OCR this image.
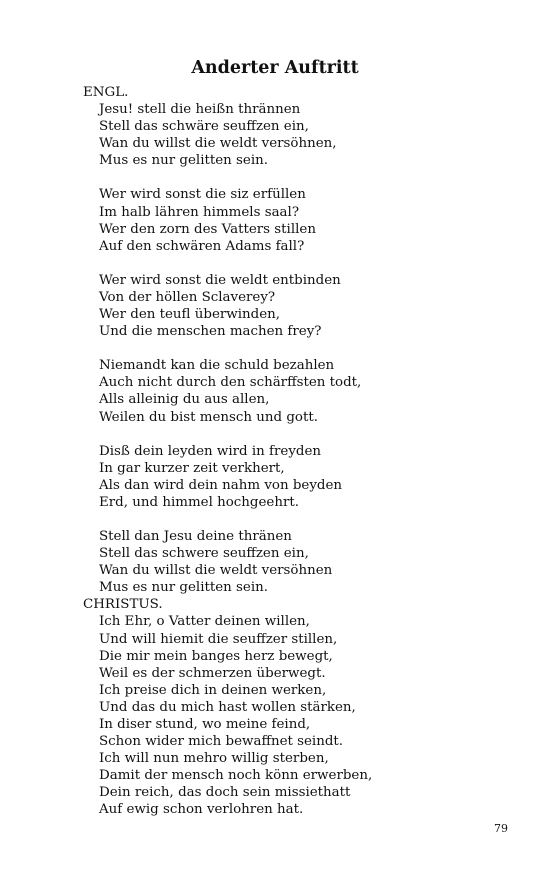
Anderter Auftritt
ENGL.
Jesu! stell die heißn thrännen
Stell das schwäre seuffzen ein,
Wan du willst die weldt versöhnen,
Mus es nur gelitten sein.
Wer wird sonst die siz erfüllen
Im halb lähren himmels saal?
Wer den zorn des Vatters stillen
Auf den schwären Adams fall?
Wer wird sonst die weldt entbinden
Von der höllen Sclaverey?
Wer den teufl überwinden,
Und die menschen machen frey?
Niemandt kan die schuld bezahlen
Auch nicht durch den schärffsten todt,
Alls alleinig du aus allen,
Weilen du bist mensch und gott.
Disß dein leyden wird in freyden
In gar kurzer zeit verkhert,
Als dan wird dein nahm von beyden
Erd, und himmel hochgeehrt.
Stell dan Jesu deine thränen
Stell das schwere seuffzen ein,
Wan du willst die weldt versöhnen
Mus es nur gelitten sein.
CHRISTUS.
Ich Ehr, o Vatter deinen willen,
Und will hiemit die seuffzer stillen,
Die mir mein banges herz bewegt,
Weil es der schmerzen überwegt.
Ich preise dich in deinen werken,
Und das du mich hast wollen stärken,
In diser stund, wo meine feind,
Schon wider mich bewaffnet seindt.
Ich will nun mehro willig sterben,
Damit der mensch noch könn erwerben,
Dein reich, das doch sein missiethatt
Auf ewig schon verlohren hat.
79
